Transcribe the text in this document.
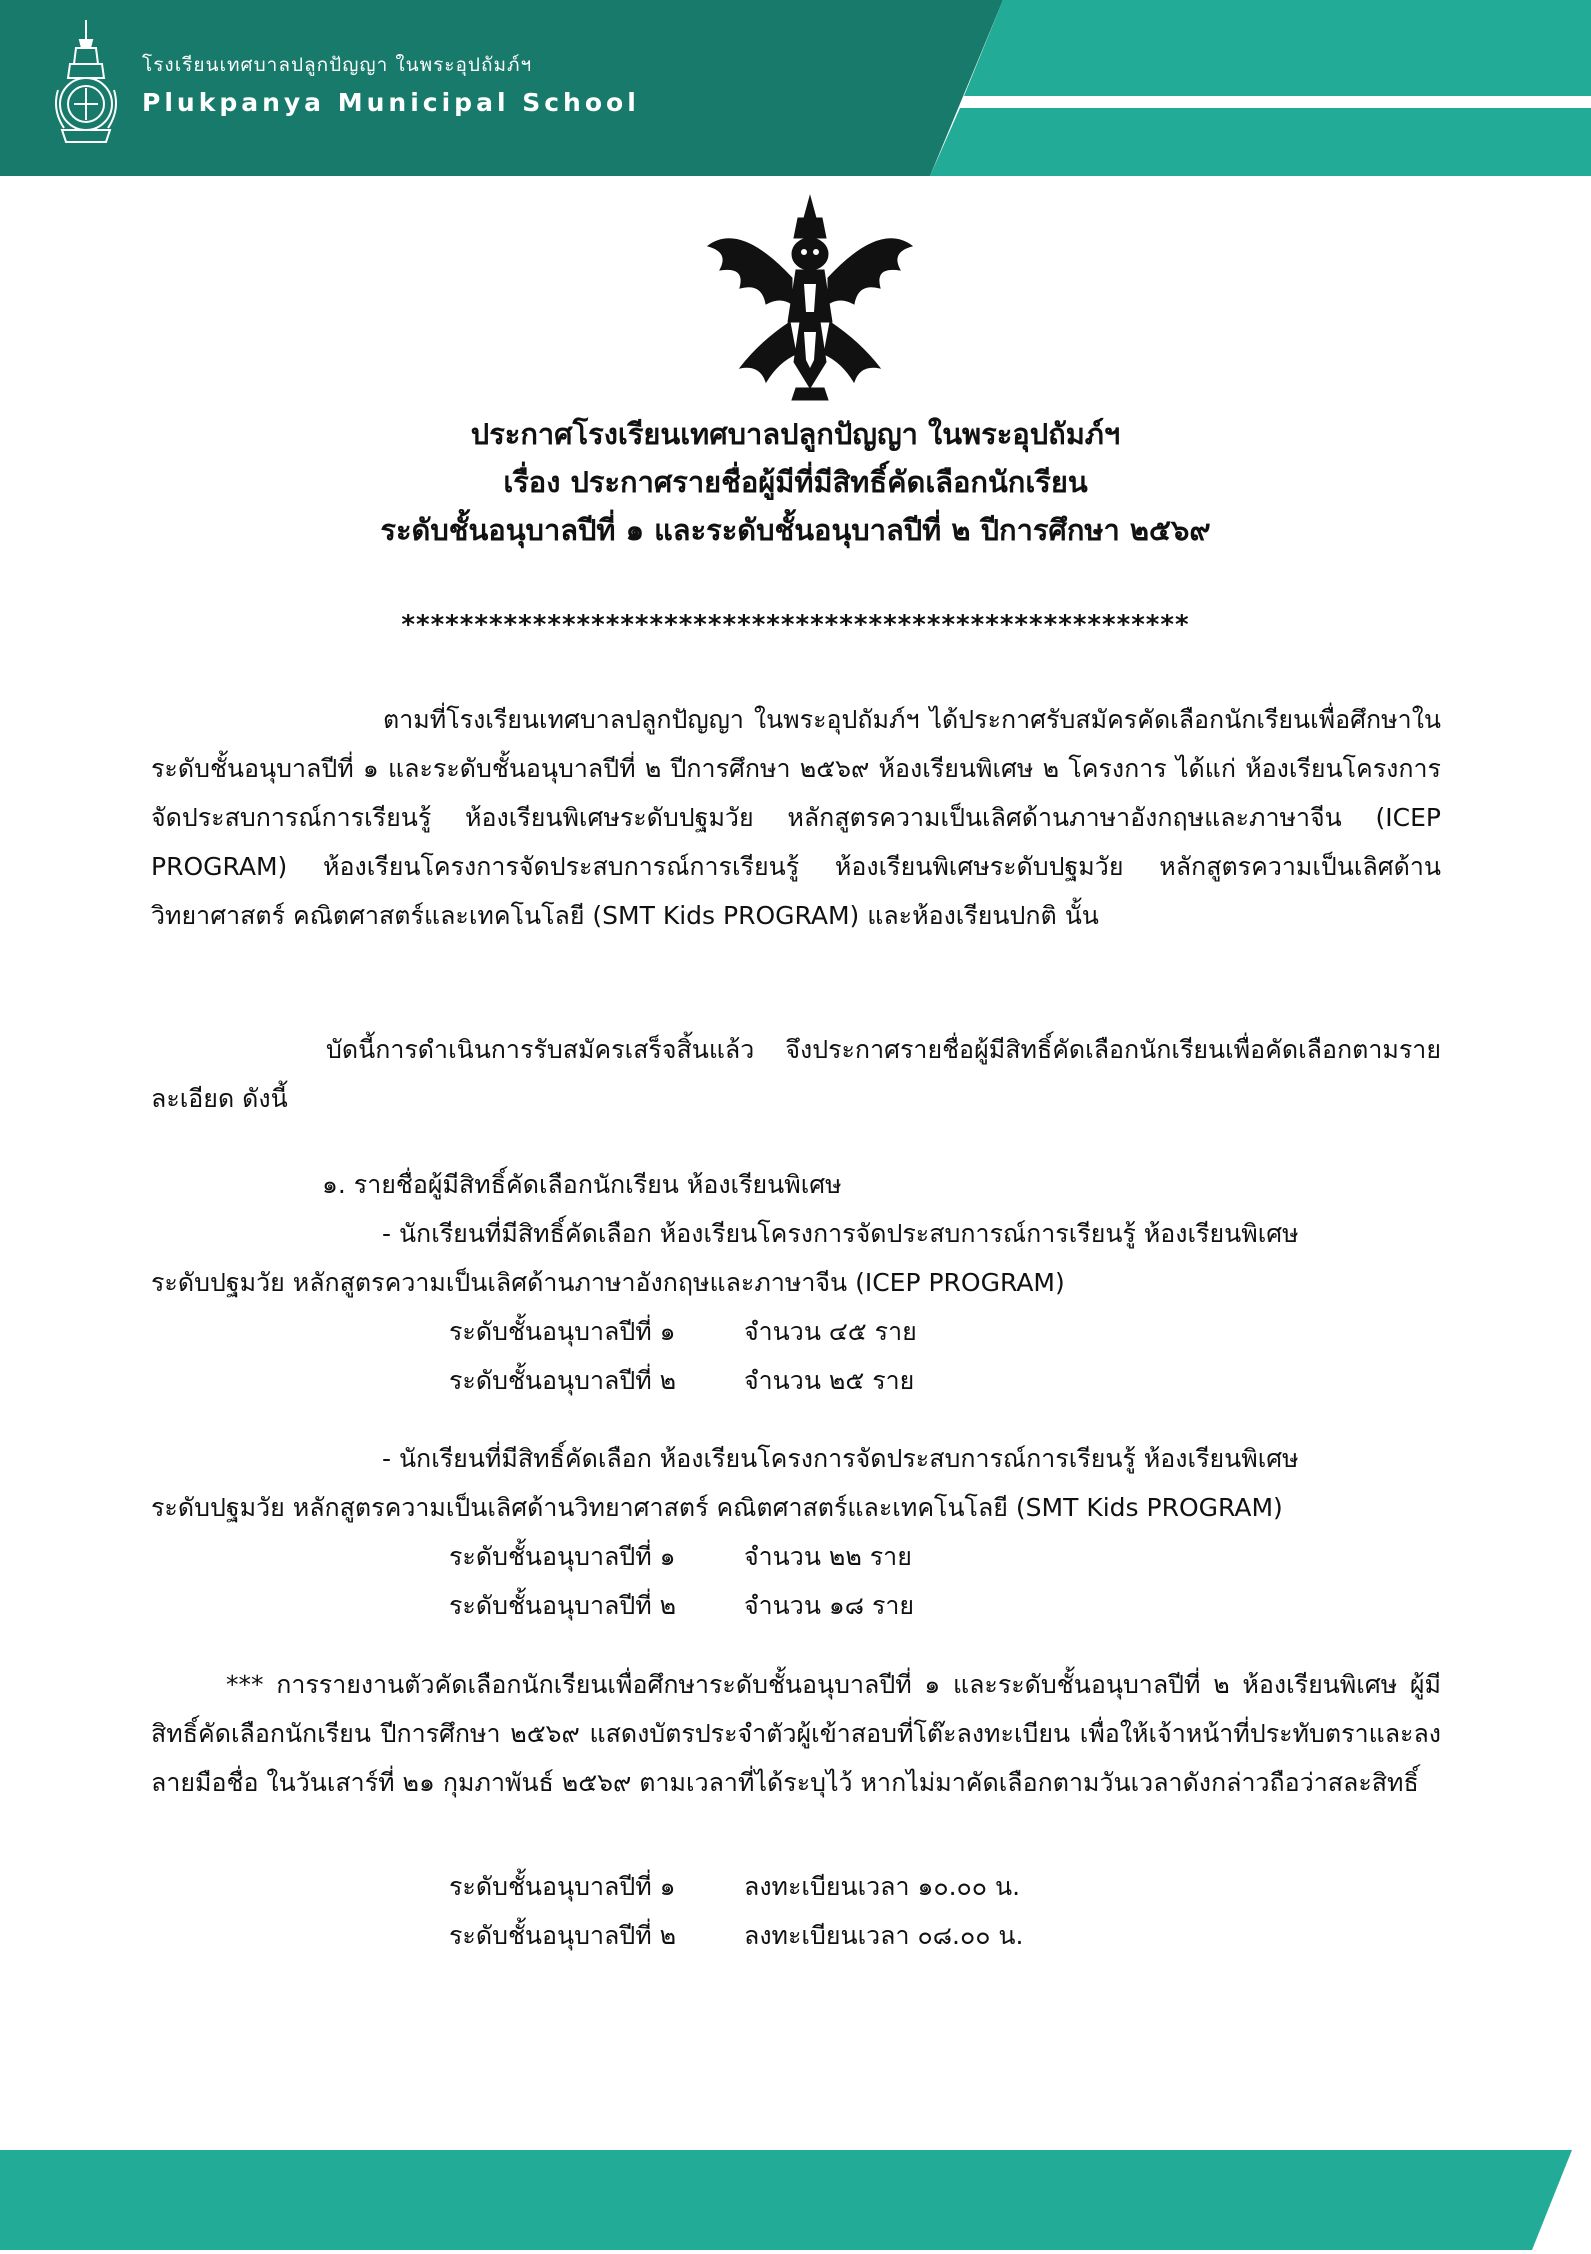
โรงเรียนเทศบาลปลูกปัญญา ในพระอุปถัมภ์ฯ
Plukpanya Municipal School
ประกาศโรงเรียนเทศบาลปลูกปัญญา ในพระอุปถัมภ์ฯ
เรื่อง ประกาศรายชื่อผู้มีที่มีสิทธิ์คัดเลือกนักเรียน
ระดับชั้นอนุบาลปีที่ ๑ และระดับชั้นอนุบาลปีที่ ๒ ปีการศึกษา ๒๕๖๙
******************************************************
ตามที่โรงเรียนเทศบาลปลูกปัญญา ในพระอุปถัมภ์ฯ ได้ประกาศรับสมัครคัดเลือกนักเรียนเพื่อศึกษาในระดับชั้นอนุบาลปีที่ ๑ และระดับชั้นอนุบาลปีที่ ๒ ปีการศึกษา ๒๕๖๙ ห้องเรียนพิเศษ ๒ โครงการ ได้แก่ ห้องเรียนโครงการจัดประสบการณ์การเรียนรู้ ห้องเรียนพิเศษระดับปฐมวัย หลักสูตรความเป็นเลิศด้านภาษาอังกฤษและภาษาจีน (ICEP PROGRAM) ห้องเรียนโครงการจัดประสบการณ์การเรียนรู้ ห้องเรียนพิเศษระดับปฐมวัย หลักสูตรความเป็นเลิศด้านวิทยาศาสตร์ คณิตศาสตร์และเทคโนโลยี (SMT Kids PROGRAM) และห้องเรียนปกติ นั้น
บัดนี้การดำเนินการรับสมัครเสร็จสิ้นแล้ว จึงประกาศรายชื่อผู้มีสิทธิ์คัดเลือกนักเรียนเพื่อคัดเลือกตามรายละเอียด ดังนี้
๑. รายชื่อผู้มีสิทธิ์คัดเลือกนักเรียน ห้องเรียนพิเศษ
- นักเรียนที่มีสิทธิ์คัดเลือก ห้องเรียนโครงการจัดประสบการณ์การเรียนรู้ ห้องเรียนพิเศษ
ระดับปฐมวัย หลักสูตรความเป็นเลิศด้านภาษาอังกฤษและภาษาจีน (ICEP PROGRAM)
ระดับชั้นอนุบาลปีที่ ๑	จำนวน ๔๕ ราย
ระดับชั้นอนุบาลปีที่ ๒	จำนวน ๒๕ ราย
- นักเรียนที่มีสิทธิ์คัดเลือก ห้องเรียนโครงการจัดประสบการณ์การเรียนรู้ ห้องเรียนพิเศษ
ระดับปฐมวัย หลักสูตรความเป็นเลิศด้านวิทยาศาสตร์ คณิตศาสตร์และเทคโนโลยี (SMT Kids PROGRAM)
ระดับชั้นอนุบาลปีที่ ๑	จำนวน ๒๒ ราย
ระดับชั้นอนุบาลปีที่ ๒	จำนวน ๑๘ ราย
*** การรายงานตัวคัดเลือกนักเรียนเพื่อศึกษาระดับชั้นอนุบาลปีที่ ๑ และระดับชั้นอนุบาลปีที่ ๒ ห้องเรียนพิเศษ ผู้มีสิทธิ์คัดเลือกนักเรียน ปีการศึกษา ๒๕๖๙ แสดงบัตรประจำตัวผู้เข้าสอบที่โต๊ะลงทะเบียน เพื่อให้เจ้าหน้าที่ประทับตราและลงลายมือชื่อ ในวันเสาร์ที่ ๒๑ กุมภาพันธ์ ๒๕๖๙ ตามเวลาที่ได้ระบุไว้ หากไม่มาคัดเลือกตามวันเวลาดังกล่าวถือว่าสละสิทธิ์
ระดับชั้นอนุบาลปีที่ ๑	ลงทะเบียนเวลา ๑๐.๐๐ น.
ระดับชั้นอนุบาลปีที่ ๒	ลงทะเบียนเวลา ๐๘.๐๐ น.
